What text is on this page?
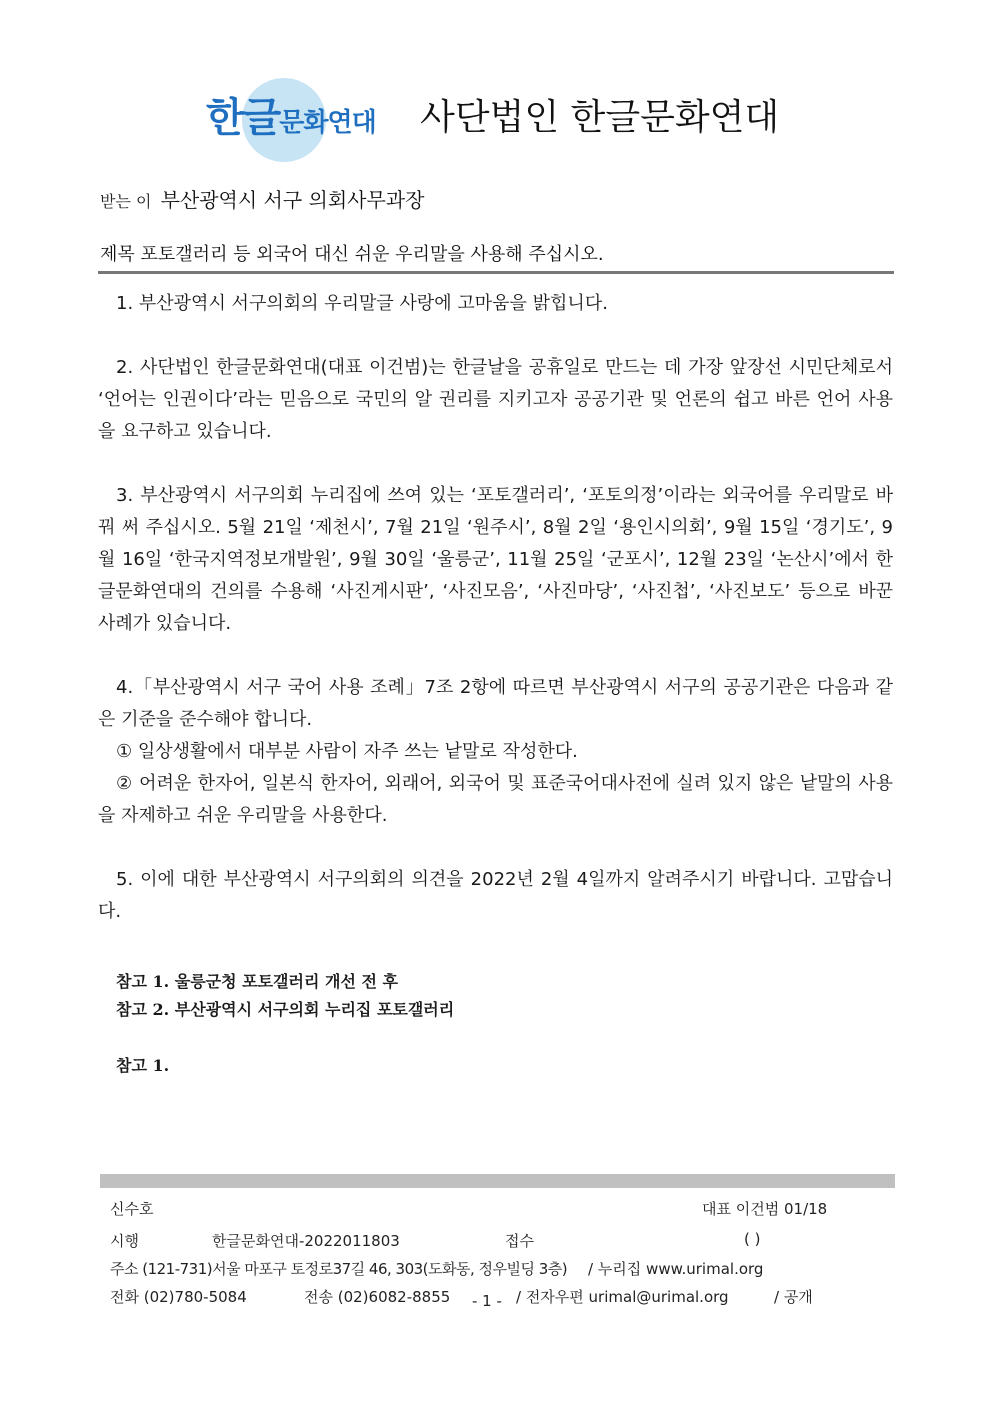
한글문화연대 사단법인 한글문화연대
받는 이 부산광역시 서구 의회사무과장
제목 포토갤러리 등 외국어 대신 쉬운 우리말을 사용해 주십시오.

1. 부산광역시 서구의회의 우리말글 사랑에 고마움을 밝힙니다.

2. 사단법인 한글문화연대(대표 이건범)는 한글날을 공휴일로 만드는 데 가장 앞장선 시민단체로서 ‘언어는 인권이다’라는 믿음으로 국민의 알 권리를 지키고자 공공기관 및 언론의 쉽고 바른 언어 사용을 요구하고 있습니다.

3. 부산광역시 서구의회 누리집에 쓰여 있는 ‘포토갤러리’, ‘포토의정’이라는 외국어를 우리말로 바꿔 써 주십시오. 5월 21일 ‘제천시’, 7월 21일 ‘원주시’, 8월 2일 ‘용인시의회’, 9월 15일 ‘경기도’, 9월 16일 ‘한국지역정보개발원’, 9월 30일 ‘울릉군’, 11월 25일 ‘군포시’, 12월 23일 ‘논산시’에서 한글문화연대의 건의를 수용해 ‘사진게시판’, ‘사진모음’, ‘사진마당’, ‘사진첩’, ‘사진보도’ 등으로 바꾼 사례가 있습니다.

4.「부산광역시 서구 국어 사용 조례」7조 2항에 따르면 부산광역시 서구의 공공기관은 다음과 같은 기준을 준수해야 합니다.

① 일상생활에서 대부분 사람이 자주 쓰는 낱말로 작성한다.

② 어려운 한자어, 일본식 한자어, 외래어, 외국어 및 표준국어대사전에 실려 있지 않은 낱말의 사용을 자제하고 쉬운 우리말을 사용한다.

5. 이에 대한 부산광역시 서구의회의 의견을 2022년 2월 4일까지 알려주시기 바랍니다. 고맙습니다.

참고 1. 울릉군청 포토갤러리 개선 전 후
참고 2. 부산광역시 서구의회 누리집 포토갤러리
참고 1.
신수호	대표 이건범 01/18
시행	한글문화연대-2022011803	접수	( )
주소 (121-731)서울 마포구 토정로37길 46, 303(도화동, 정우빌딩 3층) / 누리집 www.urimal.org
전화 (02)780-5084	전송 (02)6082-8855 - 1 - / 전자우편 urimal@urimal.org	/ 공개
